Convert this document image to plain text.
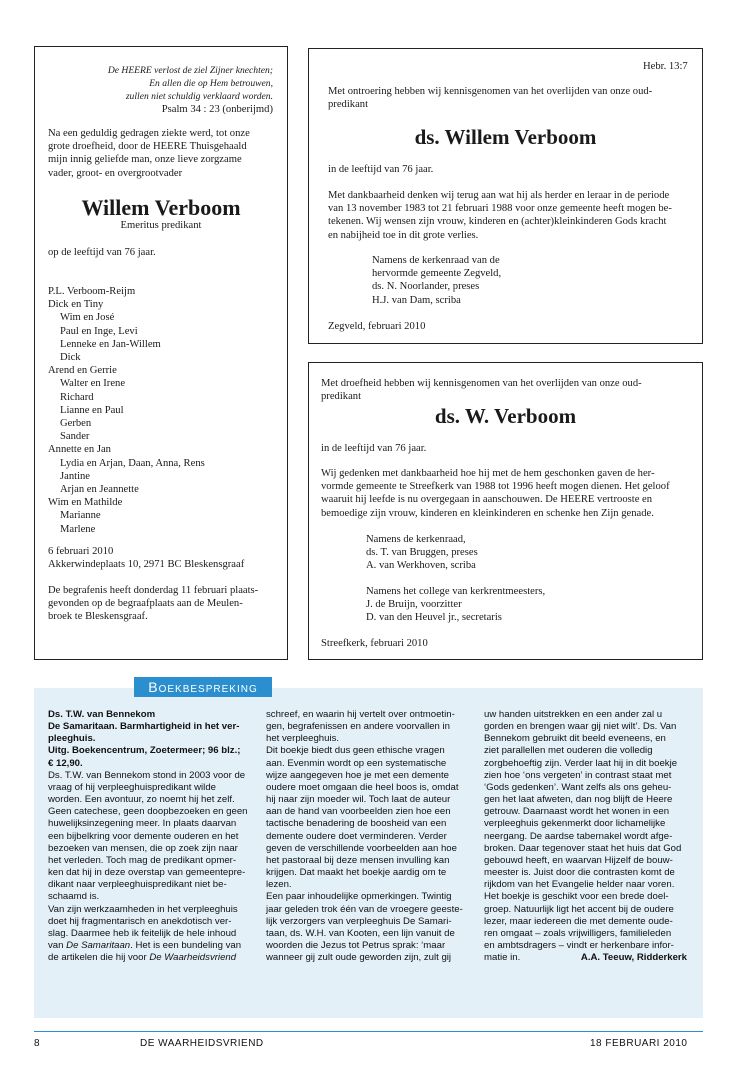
De HEERE verlost de ziel Zijner knechten;
En allen die op Hem betrouwen,
zullen niet schuldig verklaard worden.
Psalm 34 : 23 (onberijmd)
Na een geduldig gedragen ziekte werd, tot onze
grote droefheid, door de HEERE Thuisgehaald
mijn innig geliefde man, onze lieve zorgzame
vader, groot- en overgrootvader
Willem Verboom
Emeritus predikant
op de leeftijd van 76 jaar.
P.L. Verboom-Reijm
Dick en Tiny
Wim en José
Paul en Inge, Levi
Lenneke en Jan-Willem
Dick
Arend en Gerrie
Walter en Irene
Richard
Lianne en Paul
Gerben
Sander
Annette en Jan
Lydia en Arjan, Daan, Anna, Rens
Jantine
Arjan en Jeannette
Wim en Mathilde
Marianne
Marlene
6 februari 2010
Akkerwindeplaats 10, 2971 BC Bleskensgraaf
De begrafenis heeft donderdag 11 februari plaats-
gevonden op de begraafplaats aan de Meulen-
broek te Bleskensgraaf.
Hebr. 13:7
Met ontroering hebben wij kennisgenomen van het overlijden van onze oud-
predikant
ds. Willem Verboom
in de leeftijd van 76 jaar.
Met dankbaarheid denken wij terug aan wat hij als herder en leraar in de periode
van 13 november 1983 tot 21 februari 1988 voor onze gemeente heeft mogen be-
tekenen. Wij wensen zijn vrouw, kinderen en (achter)kleinkinderen Gods kracht
en nabijheid toe in dit grote verlies.
Namens de kerkenraad van de
hervormde gemeente Zegveld,
ds. N. Noorlander, preses
H.J. van Dam, scriba
Zegveld, februari 2010
Met droefheid hebben wij kennisgenomen van het overlijden van onze oud-
predikant
ds. W. Verboom
in de leeftijd van 76 jaar.
Wij gedenken met dankbaarheid hoe hij met de hem geschonken gaven de her-
vormde gemeente te Streefkerk van 1988 tot 1996 heeft mogen dienen. Het geloof
waaruit hij leefde is nu overgegaan in aanschouwen. De HEERE vertrooste en
bemoedige zijn vrouw, kinderen en kleinkinderen en schenke hen Zijn genade.
Namens de kerkenraad,
ds. T. van Bruggen, preses
A. van Werkhoven, scriba
Namens het college van kerkrentmeesters,
J. de Bruijn, voorzitter
D. van den Heuvel jr., secretaris
Streefkerk, februari 2010
Boekbespreking
Ds. T.W. van Bennekom
De Samaritaan. Barmhartigheid in het ver-
pleeghuis.
Uitg. Boekencentrum, Zoetermeer; 96 blz.;
€ 12,90.
Ds. T.W. van Bennekom stond in 2003 voor de
vraag of hij verpleeghuispredikant wilde
worden. Een avontuur, zo noemt hij het zelf.
Geen catechese, geen doopbezoeken en geen
huwelijksinzegening meer. In plaats daarvan
een bijbelkring voor demente ouderen en het
bezoeken van mensen, die op zoek zijn naar
het verleden. Toch mag de predikant opmer-
ken dat hij in deze overstap van gemeentepre-
dikant naar verpleeghuispredikant niet be-
schaamd is.
Van zijn werkzaamheden in het verpleeghuis
doet hij fragmentarisch en anekdotisch ver-
slag. Daarmee heb ik feitelijk de hele inhoud
van De Samaritaan. Het is een bundeling van
de artikelen die hij voor De Waarheidsvriend
schreef, en waarin hij vertelt over ontmoetin-
gen, begrafenissen en andere voorvallen in
het verpleeghuis.
Dit boekje biedt dus geen ethische vragen
aan. Evenmin wordt op een systematische
wijze aangegeven hoe je met een demente
oudere moet omgaan die heel boos is, omdat
hij naar zijn moeder wil. Toch laat de auteur
aan de hand van voorbeelden zien hoe een
tactische benadering de boosheid van een
demente oudere doet verminderen. Verder
geven de verschillende voorbeelden aan hoe
het pastoraal bij deze mensen invulling kan
krijgen. Dat maakt het boekje aardig om te
lezen.
Een paar inhoudelijke opmerkingen. Twintig
jaar geleden trok één van de vroegere geeste-
lijk verzorgers van verpleeghuis De Samari-
taan, ds. W.H. van Kooten, een lijn vanuit de
woorden die Jezus tot Petrus sprak: ‘maar
wanneer gij zult oude geworden zijn, zult gij
uw handen uitstrekken en een ander zal u
gorden en brengen waar gij niet wilt’. Ds. Van
Bennekom gebruikt dit beeld eveneens, en
ziet parallellen met ouderen die volledig
zorgbehoeftig zijn. Verder laat hij in dit boekje
zien hoe ‘ons vergeten’ in contrast staat met
‘Gods gedenken’. Want zelfs als ons geheu-
gen het laat afweten, dan nog blijft de Heere
getrouw. Daarnaast wordt het wonen in een
verpleeghuis gekenmerkt door lichamelijke
neergang. De aardse tabernakel wordt afge-
broken. Daar tegenover staat het huis dat God
gebouwd heeft, en waarvan Hijzelf de bouw-
meester is. Juist door die contrasten komt de
rijkdom van het Evangelie helder naar voren.
Het boekje is geschikt voor een brede doel-
groep. Natuurlijk ligt het accent bij de oudere
lezer, maar iedereen die met demente oude-
ren omgaat – zoals vrijwilligers, familieleden
en ambtsdragers – vindt er herkenbare infor-
matie in.	A.A. Teeuw, Ridderkerk
8	DE WAARHEIDSVRIEND	18 FEBRUARI 2010
